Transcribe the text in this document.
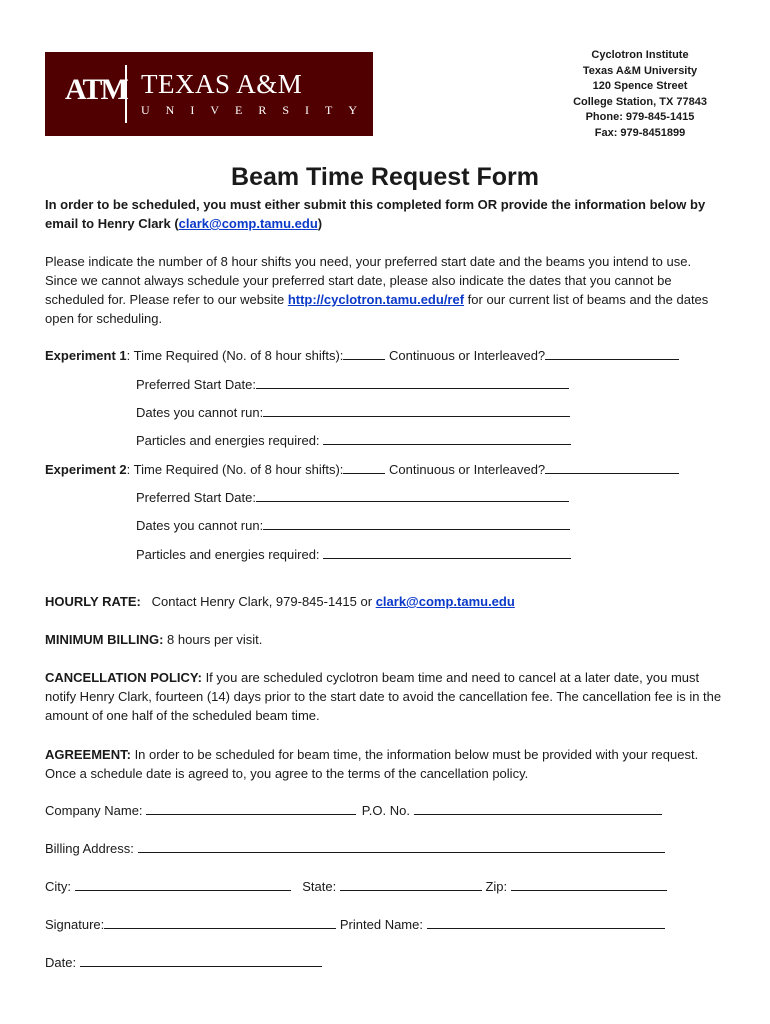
ATM TEXAS A&M
UNIVERSITY
Cyclotron Institute
Texas A&M University
120 Spence Street
College Station, TX 77843
Phone: 979-845-1415
Fax: 979-8451899
Beam Time Request Form
In order to be scheduled, you must either submit this completed form OR provide the information below by email to Henry Clark (clark@comp.tamu.edu)
Please indicate the number of 8 hour shifts you need, your preferred start date and the beams you intend to use. Since we cannot always schedule your preferred start date, please also indicate the dates that you cannot be scheduled for. Please refer to our website http://cyclotron.tamu.edu/ref for our current list of beams and the dates open for scheduling.
Experiment 1: Time Required (No. of 8 hour shifts):	Continuous or Interleaved?
Preferred Start Date:
Dates you cannot run:
Particles and energies required:
Experiment 2: Time Required (No. of 8 hour shifts):	Continuous or Interleaved?
Preferred Start Date:
Dates you cannot run:
Particles and energies required:
HOURLY RATE: Contact Henry Clark, 979-845-1415 or clark@comp.tamu.edu
MINIMUM BILLING: 8 hours per visit.
CANCELLATION POLICY: If you are scheduled cyclotron beam time and need to cancel at a later date, you must notify Henry Clark, fourteen (14) days prior to the start date to avoid the cancellation fee. The cancellation fee is in the amount of one half of the scheduled beam time.
AGREEMENT: In order to be scheduled for beam time, the information below must be provided with your request. Once a schedule date is agreed to, you agree to the terms of the cancellation policy.
Company Name:	P.O. No.
Billing Address:
City:	State:	Zip:
Signature:	Printed Name:
Date:
